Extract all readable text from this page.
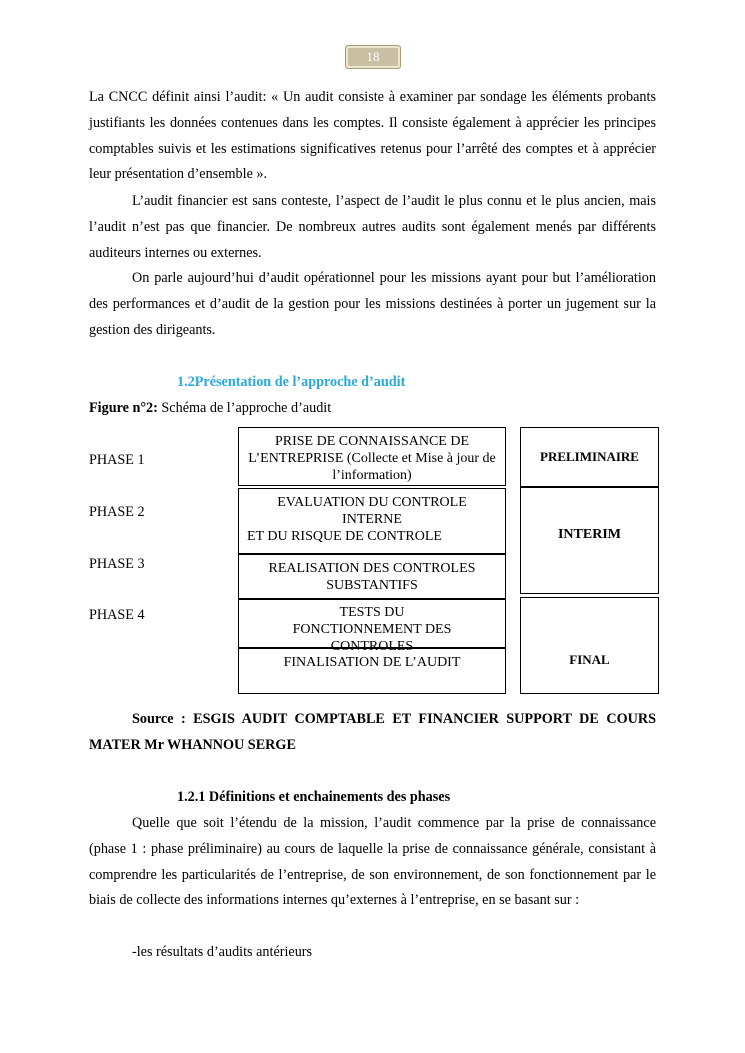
18

La CNCC définit ainsi l’audit: « Un audit consiste à examiner par sondage les éléments probants justifiants les données contenues dans les comptes. Il consiste également à apprécier les principes comptables suivis et les estimations significatives retenus pour l’arrêté des comptes et à apprécier leur présentation d’ensemble ».

L’audit financier est sans conteste, l’aspect de l’audit le plus connu et le plus ancien, mais l’audit n’est pas que financier. De nombreux autres audits sont également menés par différents auditeurs internes ou externes.

On parle aujourd’hui d’audit opérationnel pour les missions ayant pour but l’amélioration des performances et d’audit de la gestion pour les missions destinées à porter un jugement sur la gestion des dirigeants.

1.2Présentation de l’approche d’audit
Figure n°2: Schéma de l’approche d’audit
PHASE 1
PHASE 2
PHASE 3
PHASE 4
PRISE DE CONNAISSANCE DE L’ENTREPRISE (Collecte et Mise à jour de l’information)
EVALUATION DU CONTROLE INTERNE
ET DU RISQUE DE CONTROLE
REALISATION DES CONTROLES SUBSTANTIFS
TESTS DU FONCTIONNEMENT DES CONTROLES
FINALISATION DE L’AUDIT
PRELIMINAIRE
INTERIM
FINAL

Source : ESGIS AUDIT COMPTABLE ET FINANCIER SUPPORT DE COURS MATER Mr WHANNOU SERGE

1.2.1 Définitions et enchainements des phases

Quelle que soit l’étendu de la mission, l’audit commence par la prise de connaissance (phase 1 : phase préliminaire) au cours de laquelle la prise de connaissance générale, consistant à comprendre les particularités de l’entreprise, de son environnement, de son fonctionnement par le biais de collecte des informations internes qu’externes à l’entreprise, en se basant sur :

-les résultats d’audits antérieurs
